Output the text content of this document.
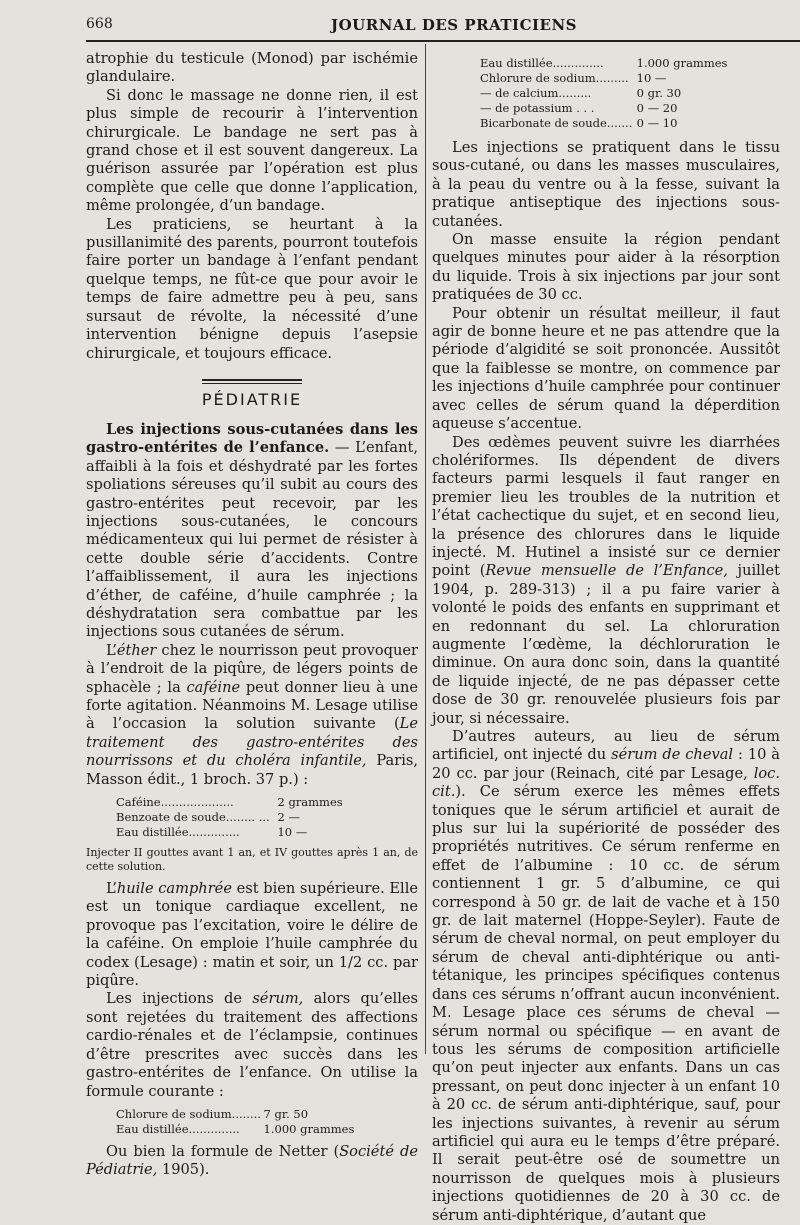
668	JOURNAL DES PRATICIENS

atrophie du testicule (Monod) par ischémie glandulaire.

Si donc le massage ne donne rien, il est plus simple de recourir à l’intervention chirurgicale. Le bandage ne sert pas à grand chose et il est souvent dangereux. La guérison assurée par l’opération est plus complète que celle que donne l’application, même prolongée, d’un bandage.

Les praticiens, se heurtant à la pusillanimité des parents, pourront toutefois faire porter un bandage à l’enfant pendant quelque temps, ne fût-ce que pour avoir le temps de faire admettre peu à peu, sans sursaut de révolte, la nécessité d’une intervention bénigne depuis l’asepsie chirurgicale, et toujours efficace.

PÉDIATRIE

Les injections sous-cutanées dans les gastro-entérites de l’enfance. — L’enfant, affaibli à la fois et déshydraté par les fortes spoliations séreuses qu’il subit au cours des gastro-entérites peut recevoir, par les injections sous-cutanées, le concours médicamenteux qui lui permet de résister à cette double série d’accidents. Contre l’affaiblissement, il aura les injections d’éther, de caféine, d’huile camphrée ; la déshydratation sera combattue par les injections sous cutanées de sérum.

L’éther chez le nourrisson peut provoquer à l’endroit de la piqûre, de légers points de sphacèle ; la caféine peut donner lieu à une forte agitation. Néanmoins M. Lesage utilise à l’occasion la solution suivante (Le traitement des gastro-entérites des nourrissons et du choléra infantile, Paris, Masson édit., 1 broch. 37 p.) :

Caféine....................	2 grammes
Benzoate de soude........ ...	2 —
Eau distillée..............	10 —
Injecter II gouttes avant 1 an, et IV gouttes après 1 an, de cette solution.

L’huile camphrée est bien supérieure. Elle est un tonique cardiaque excellent, ne provoque pas l’excitation, voire le délire de la caféine. On emploie l’huile camphrée du codex (Lesage) : matin et soir, un 1/2 cc. par piqûre.

Les injections de sérum, alors qu’elles sont rejetées du traitement des affections cardio-rénales et de l’éclampsie, continues d’être prescrites avec succès dans les gastro-entérites de l’enfance. On utilise la formule courante :

Chlorure de sodium........	7 gr. 50
Eau distillée..............	1.000 grammes

Ou bien la formule de Netter (Société de Pédiatrie, 1905).

Eau distillée..............	1.000 grammes
Chlorure de sodium.........	10 —
— de calcium.........	0 gr. 30
— de potassium . . .	0 — 20
Bicarbonate de soude.......	0 — 10

Les injections se pratiquent dans le tissu sous-cutané, ou dans les masses musculaires, à la peau du ventre ou à la fesse, suivant la pratique antiseptique des injections sous-cutanées.

On masse ensuite la région pendant quelques minutes pour aider à la résorption du liquide. Trois à six injections par jour sont pratiquées de 30 cc.

Pour obtenir un résultat meilleur, il faut agir de bonne heure et ne pas attendre que la période d’algidité se soit prononcée. Aussitôt que la faiblesse se montre, on commence par les injections d’huile camphrée pour continuer avec celles de sérum quand la déperdition aqueuse s’accentue.

Des œdèmes peuvent suivre les diarrhées cholériformes. Ils dépendent de divers facteurs parmi lesquels il faut ranger en premier lieu les troubles de la nutrition et l’état cachectique du sujet, et en second lieu, la présence des chlorures dans le liquide injecté. M. Hutinel a insisté sur ce dernier point (Revue mensuelle de l’Enfance, juillet 1904, p. 289-313) ; il a pu faire varier à volonté le poids des enfants en supprimant et en redonnant du sel. La chloruration augmente l’œdème, la déchloruration le diminue. On aura donc soin, dans la quantité de liquide injecté, de ne pas dépasser cette dose de 30 gr. renouvelée plusieurs fois par jour, si nécessaire.

D’autres auteurs, au lieu de sérum artificiel, ont injecté du sérum de cheval : 10 à 20 cc. par jour (Reinach, cité par Lesage, loc. cit.). Ce sérum exerce les mêmes effets toniques que le sérum artificiel et aurait de plus sur lui la supériorité de posséder des propriétés nutritives. Ce sérum renferme en effet de l’albumine : 10 cc. de sérum contiennent 1 gr. 5 d’albumine, ce qui correspond à 50 gr. de lait de vache et à 150 gr. de lait maternel (Hoppe-Seyler). Faute de sérum de cheval normal, on peut employer du sérum de cheval anti-diphtérique ou anti-tétanique, les principes spécifiques contenus dans ces sérums n’offrant aucun inconvénient. M. Lesage place ces sérums de cheval — sérum normal ou spécifique — en avant de tous les sérums de composition artificielle qu’on peut injecter aux enfants. Dans un cas pressant, on peut donc injecter à un enfant 10 à 20 cc. de sérum anti-diphtérique, sauf, pour les injections suivantes, à revenir au sérum artificiel qui aura eu le temps d’être préparé. Il serait peut-être osé de soumettre un nourrisson de quelques mois à plusieurs injections quotidiennes de 20 à 30 cc. de sérum anti-diphtérique, d’autant que
